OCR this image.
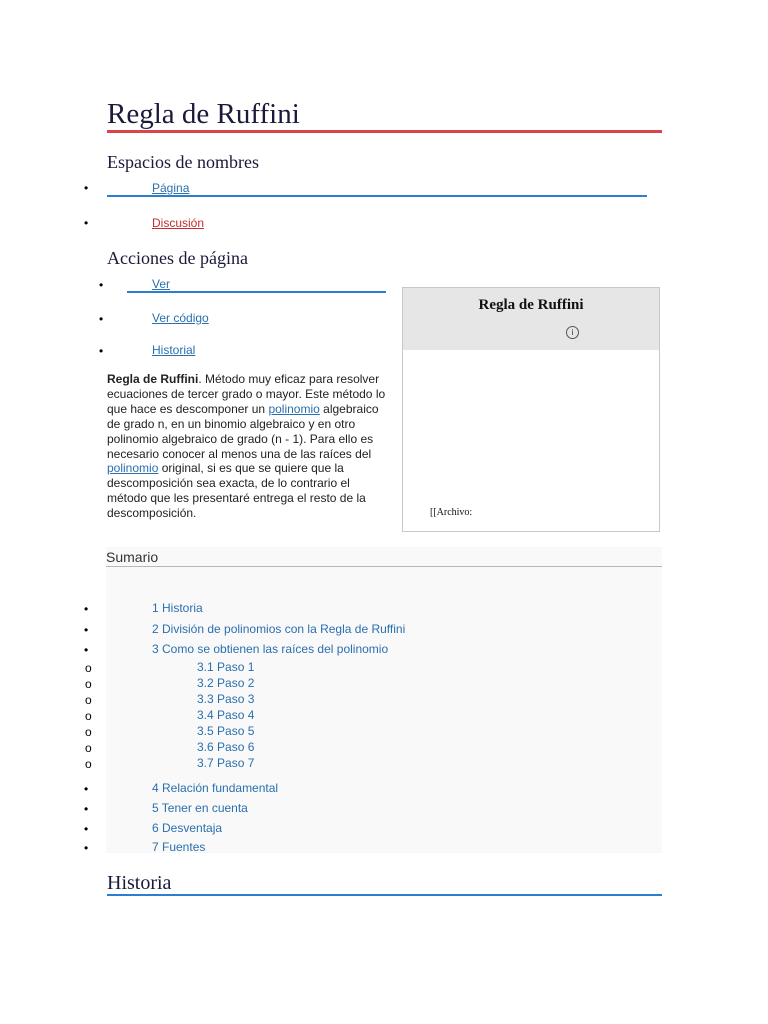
Regla de Ruffini
Espacios de nombres
•	Página
•	Discusión
Acciones de página
•	Ver
•	Ver código
•	Historial
Regla de Ruffini
i
[[Archivo:
Regla de Ruffini. Método muy eficaz para resolver ecuaciones de tercer grado o mayor. Este método lo que hace es descomponer un polinomio algebraico de grado n, en un binomio algebraico y en otro polinomio algebraico de grado (n - 1). Para ello es necesario conocer al menos una de las raíces del polinomio original, si es que se quiere que la descomposición sea exacta, de lo contrario el método que les presentaré entrega el resto de la descomposición.
Sumario
•	1 Historia
•	2 División de polinomios con la Regla de Ruffini
•	3 Como se obtienen las raíces del polinomio
o	3.1 Paso 1
o	3.2 Paso 2
o	3.3 Paso 3
o	3.4 Paso 4
o	3.5 Paso 5
o	3.6 Paso 6
o	3.7 Paso 7
•	4 Relación fundamental
•	5 Tener en cuenta
•	6 Desventaja
•	7 Fuentes
Historia
